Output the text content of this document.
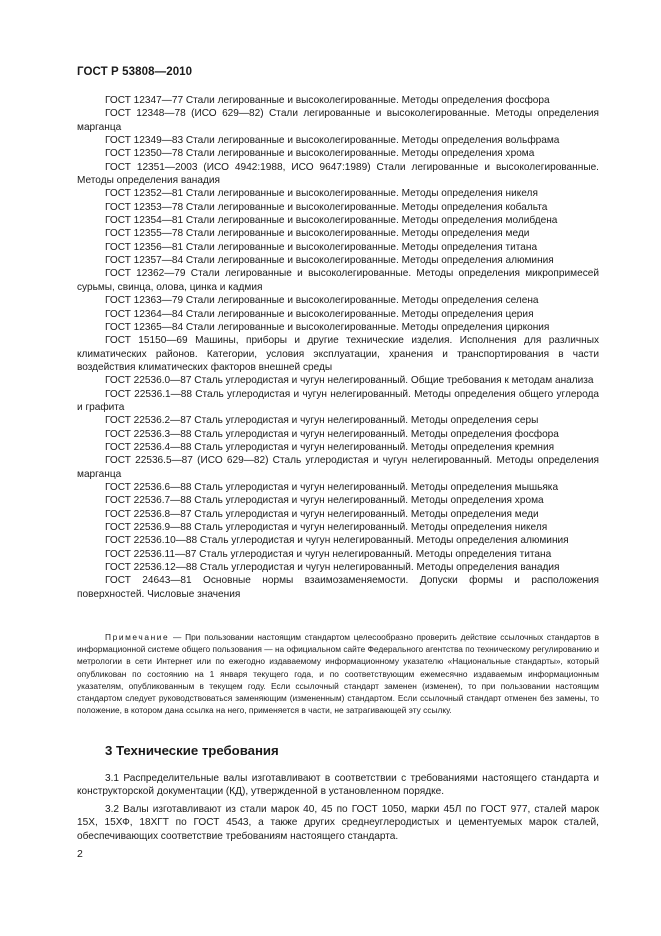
ГОСТ Р 53808—2010

ГОСТ 12347—77 Стали легированные и высоколегированные. Методы определения фосфора

ГОСТ 12348—78 (ИСО 629—82) Стали легированные и высоколегированные. Методы определения марганца

ГОСТ 12349—83 Стали легированные и высоколегированные. Методы определения вольфрама

ГОСТ 12350—78 Стали легированные и высоколегированные. Методы определения хрома

ГОСТ 12351—2003 (ИСО 4942:1988, ИСО 9647:1989) Стали легированные и высоколегированные. Методы определения ванадия

ГОСТ 12352—81 Стали легированные и высоколегированные. Методы определения никеля

ГОСТ 12353—78 Стали легированные и высоколегированные. Методы определения кобальта

ГОСТ 12354—81 Стали легированные и высоколегированные. Методы определения молибдена

ГОСТ 12355—78 Стали легированные и высоколегированные. Методы определения меди

ГОСТ 12356—81 Стали легированные и высоколегированные. Методы определения титана

ГОСТ 12357—84 Стали легированные и высоколегированные. Методы определения алюминия

ГОСТ 12362—79 Стали легированные и высоколегированные. Методы определения микропримесей сурьмы, свинца, олова, цинка и кадмия

ГОСТ 12363—79 Стали легированные и высоколегированные. Методы определения селена

ГОСТ 12364—84 Стали легированные и высоколегированные. Методы определения церия

ГОСТ 12365—84 Стали легированные и высоколегированные. Методы определения циркония

ГОСТ 15150—69 Машины, приборы и другие технические изделия. Исполнения для различных климатических районов. Категории, условия эксплуатации, хранения и транспортирования в части воздействия климатических факторов внешней среды

ГОСТ 22536.0—87 Сталь углеродистая и чугун нелегированный. Общие требования к методам анализа

ГОСТ 22536.1—88 Сталь углеродистая и чугун нелегированный. Методы определения общего углерода и графита

ГОСТ 22536.2—87 Сталь углеродистая и чугун нелегированный. Методы определения серы

ГОСТ 22536.3—88 Сталь углеродистая и чугун нелегированный. Методы определения фосфора

ГОСТ 22536.4—88 Сталь углеродистая и чугун нелегированный. Методы определения кремния

ГОСТ 22536.5—87 (ИСО 629—82) Сталь углеродистая и чугун нелегированный. Методы определения марганца

ГОСТ 22536.6—88 Сталь углеродистая и чугун нелегированный. Методы определения мышьяка

ГОСТ 22536.7—88 Сталь углеродистая и чугун нелегированный. Методы определения хрома

ГОСТ 22536.8—87 Сталь углеродистая и чугун нелегированный. Методы определения меди

ГОСТ 22536.9—88 Сталь углеродистая и чугун нелегированный. Методы определения никеля

ГОСТ 22536.10—88 Сталь углеродистая и чугун нелегированный. Методы определения алюминия

ГОСТ 22536.11—87 Сталь углеродистая и чугун нелегированный. Методы определения титана

ГОСТ 22536.12—88 Сталь углеродистая и чугун нелегированный. Методы определения ванадия

ГОСТ 24643—81 Основные нормы взаимозаменяемости. Допуски формы и расположения поверхностей. Числовые значения

Примечание — При пользовании настоящим стандартом целесообразно проверить действие ссылочных стандартов в информационной системе общего пользования — на официальном сайте Федерального агентства по техническому регулированию и метрологии в сети Интернет или по ежегодно издаваемому информационному указателю «Национальные стандарты», который опубликован по состоянию на 1 января текущего года, и по соответствующим ежемесячно издаваемым информационным указателям, опубликованным в текущем году. Если ссылочный стандарт заменен (изменен), то при пользовании настоящим стандартом следует руководствоваться заменяющим (измененным) стандартом. Если ссылочный стандарт отменен без замены, то положение, в котором дана ссылка на него, применяется в части, не затрагивающей эту ссылку.

3 Технические требования

3.1 Распределительные валы изготавливают в соответствии с требованиями настоящего стандарта и конструкторской документации (КД), утвержденной в установленном порядке.

3.2 Валы изготавливают из стали марок 40, 45 по ГОСТ 1050, марки 45Л по ГОСТ 977, сталей марок 15Х, 15ХФ, 18ХГТ по ГОСТ 4543, а также других среднеуглеродистых и цементуемых марок сталей, обеспечивающих соответствие требованиям настоящего стандарта.

2
